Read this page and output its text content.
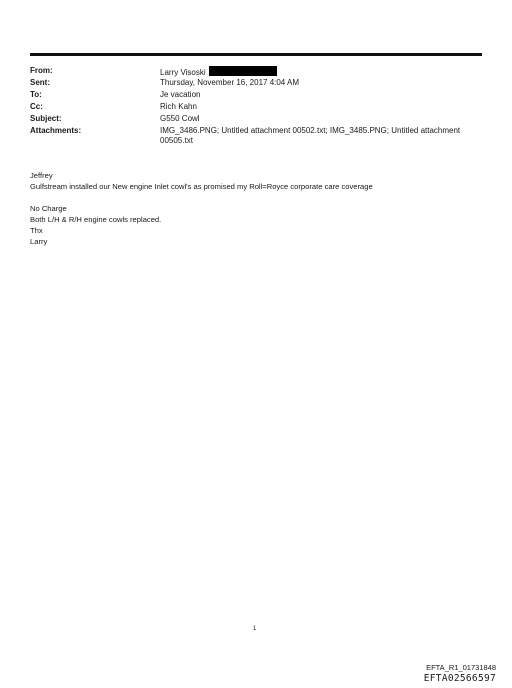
From:	Larry Visoski
Sent:	Thursday, November 16, 2017 4:04 AM
To:	Je vacation
Cc:	Rich Kahn
Subject:	G550 Cowl
Attachments:	IMG_3486.PNG; Untitled attachment 00502.txt; IMG_3485.PNG; Untitled attachment
00505.txt
Jeffrey
Gulfstream installed our New engine Inlet cowl's as promised my Roll=Royce corporate care coverage
No Charge
Both L/H & R/H engine cowls replaced.
Thx
Larry
1
EFTA_R1_01731848
EFTA02566597
